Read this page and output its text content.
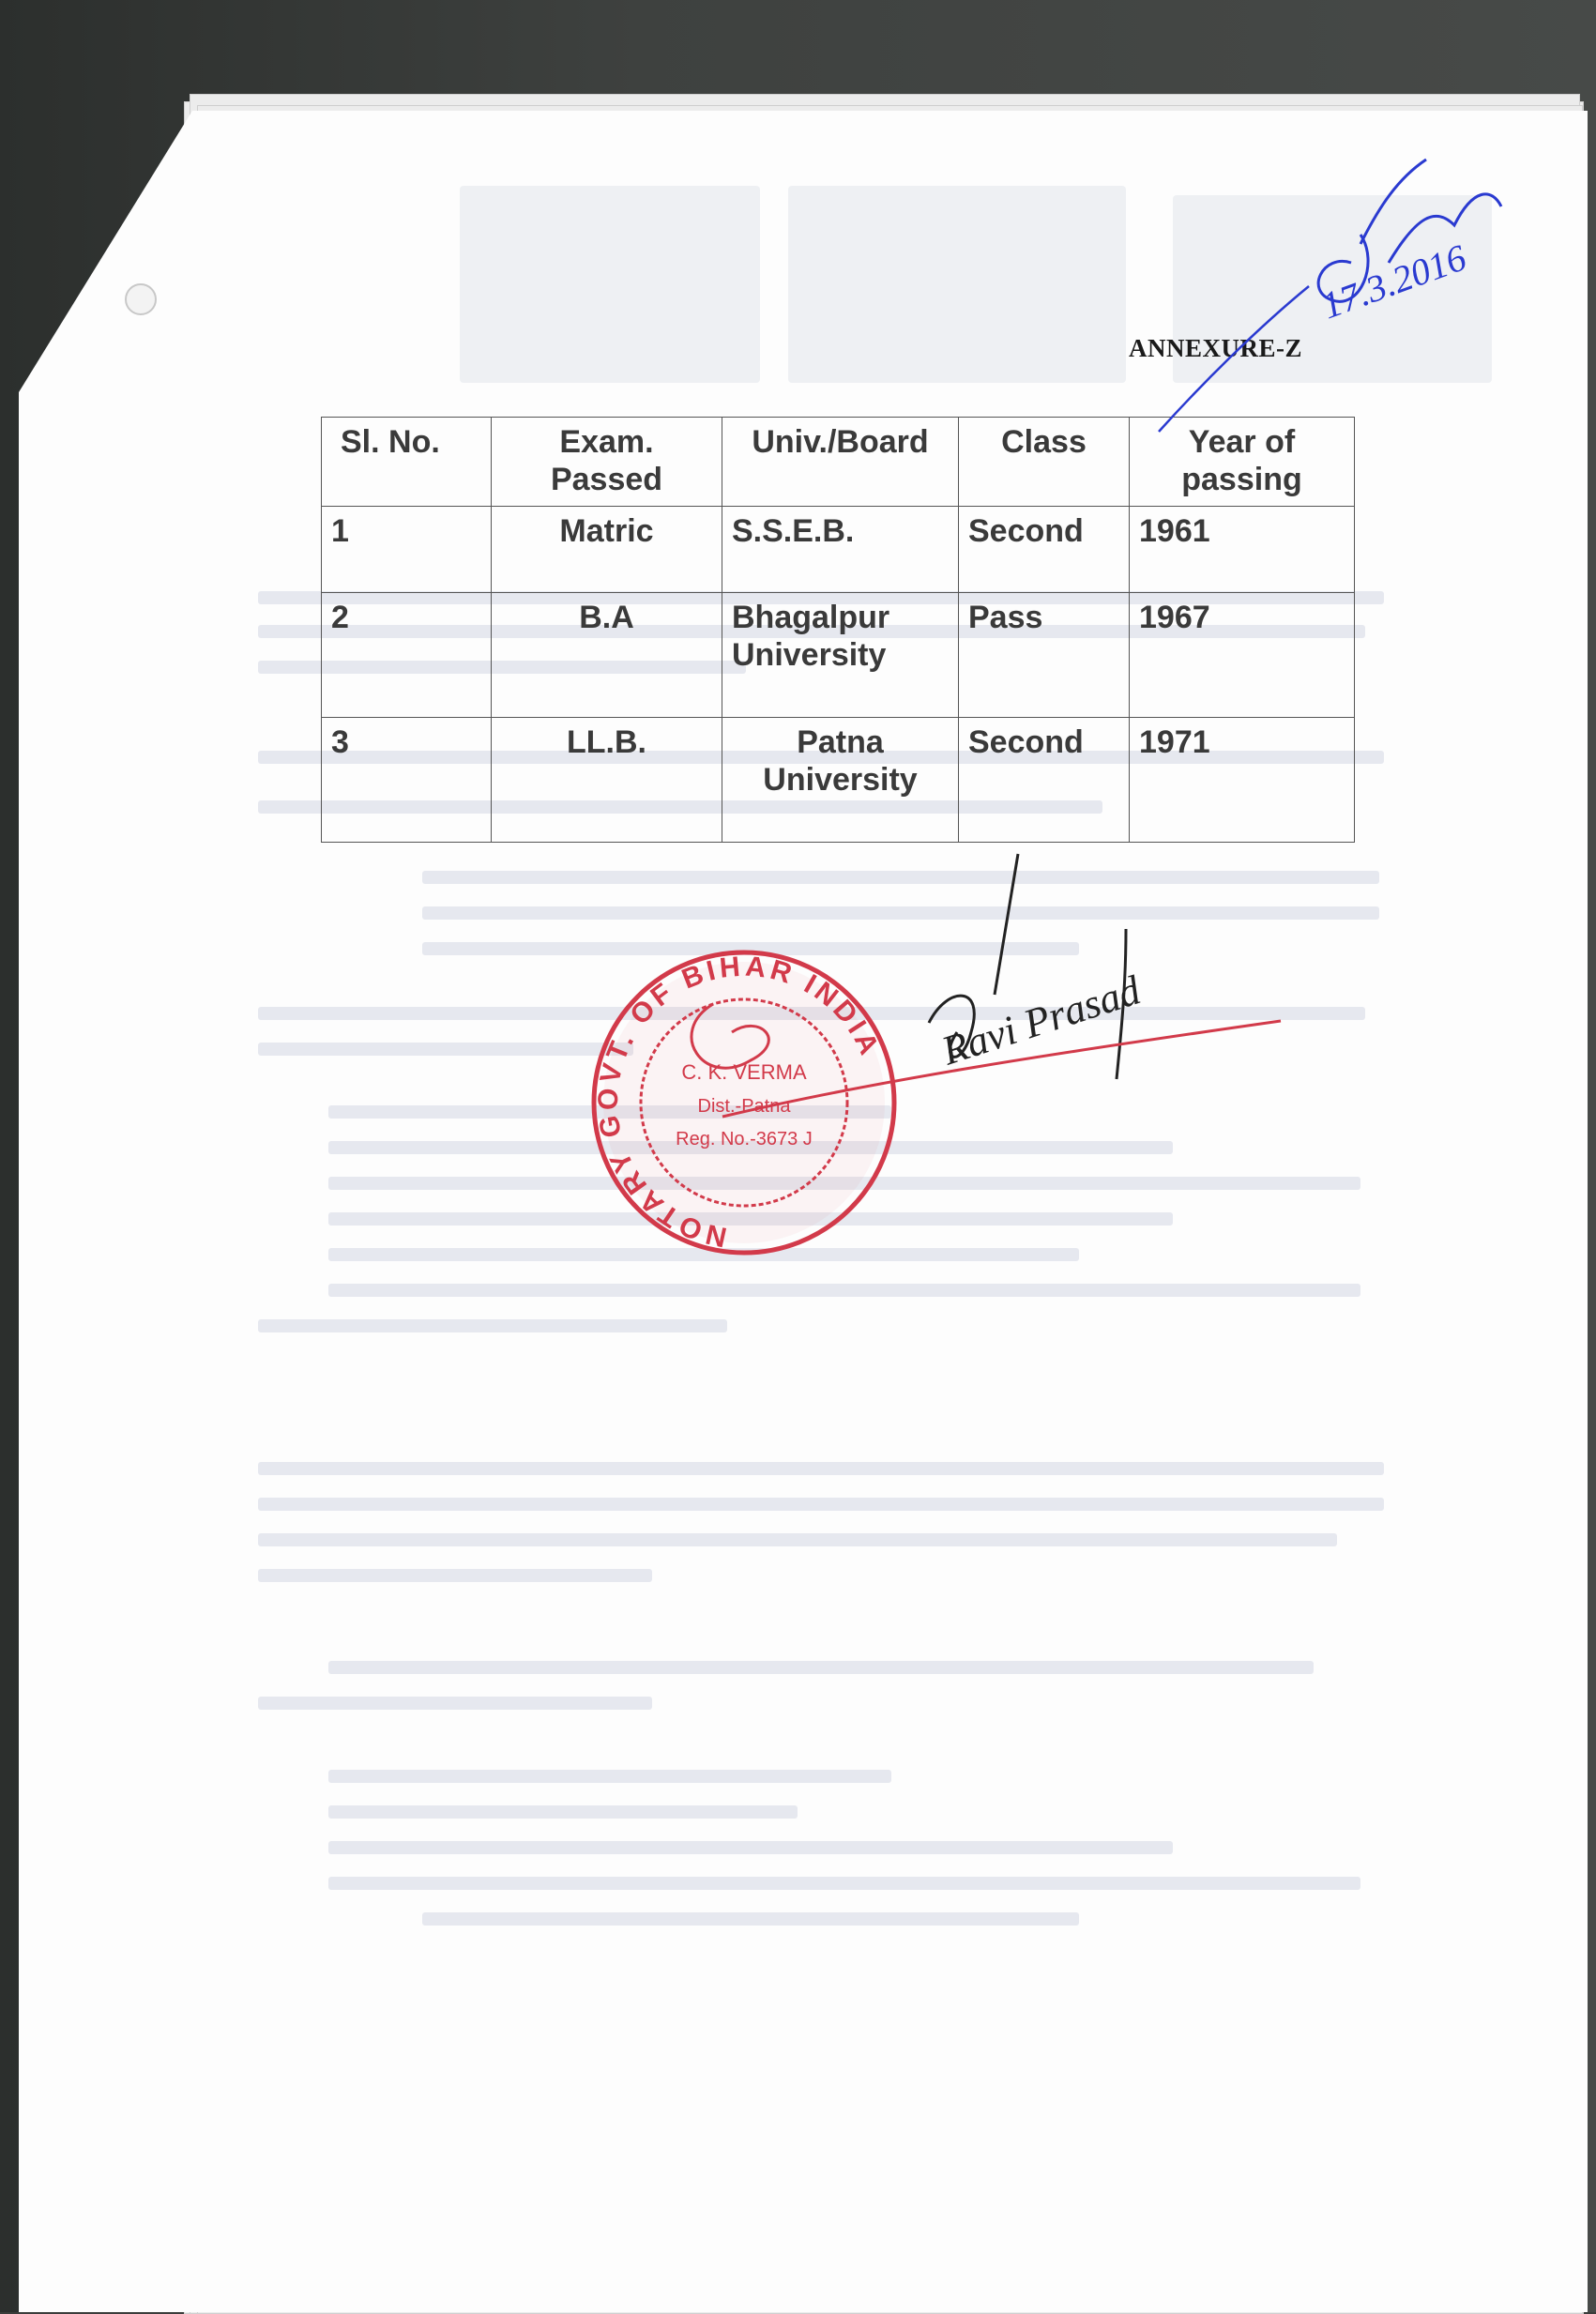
ANNEXURE-Z
Sl. No.	Exam. Passed	Univ./Board	Class	Year of passing
1	Matric	S.S.E.B.	Second	1961
2	B.A	Bhagalpur University	Pass	1967
3	LL.B.	Patna University	Second	1971
NOTARY GOVT. OF BIHAR INDIA
C. K. VERMA
Dist.-Patna
Reg. No.-3673 J
Ravi Prasad
17.3.2016
